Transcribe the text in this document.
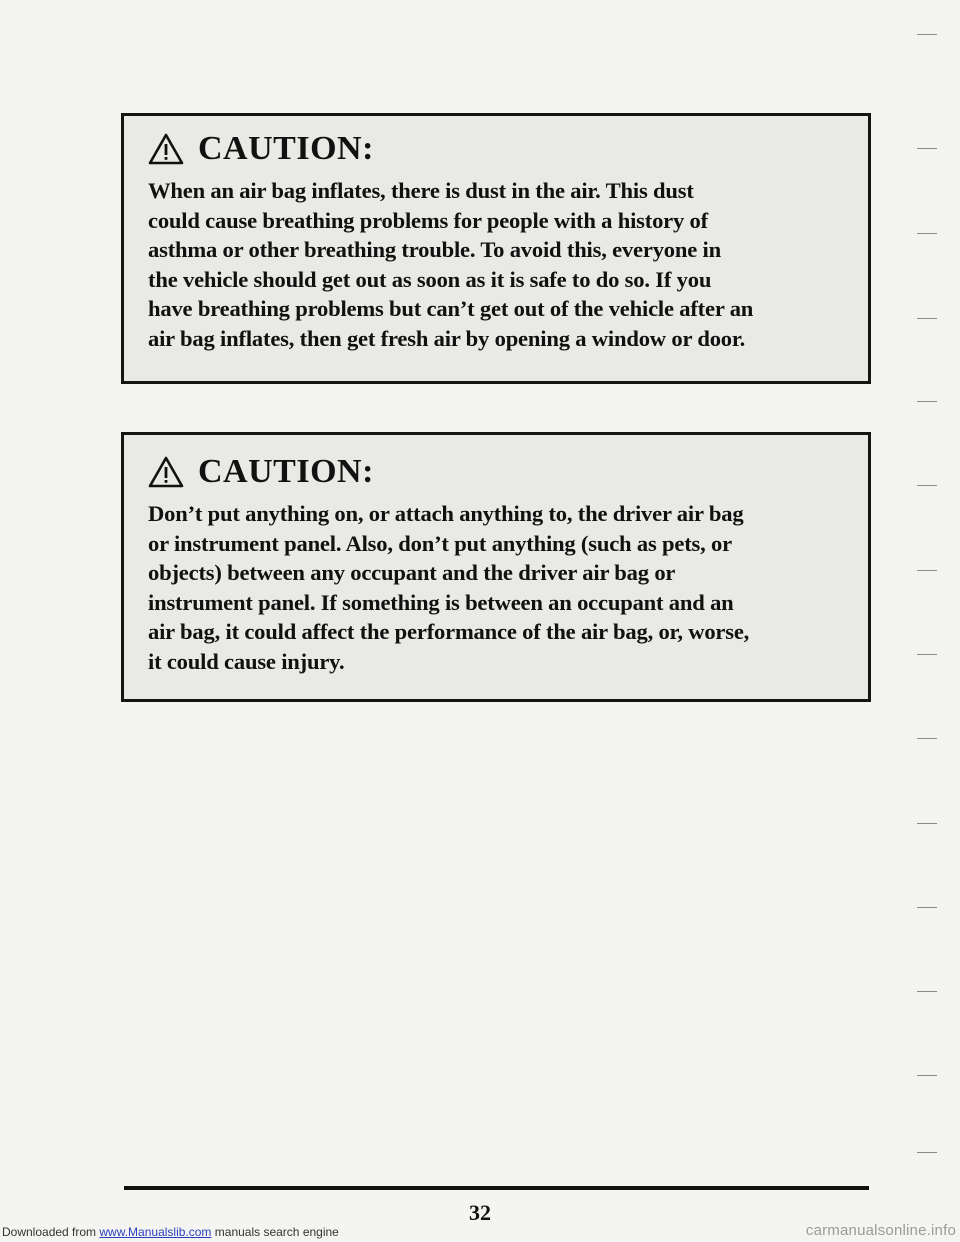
CAUTION:

When an air bag inflates, there is dust in the air. This dust
could cause breathing problems for people with a history of
asthma or other breathing trouble. To avoid this, everyone in
the vehicle should get out as soon as it is safe to do so. If you
have breathing problems but can’t get out of the vehicle after an
air bag inflates, then get fresh air by opening a window or door.

CAUTION:

Don’t put anything on, or attach anything to, the driver air bag
or instrument panel. Also, don’t put anything (such as pets, or
objects) between any occupant and the driver air bag or
instrument panel. If something is between an occupant and an
air bag, it could affect the performance of the air bag, or, worse,
it could cause injury.

32
Downloaded from www.Manualslib.com manuals search engine	carmanualsonline.info
